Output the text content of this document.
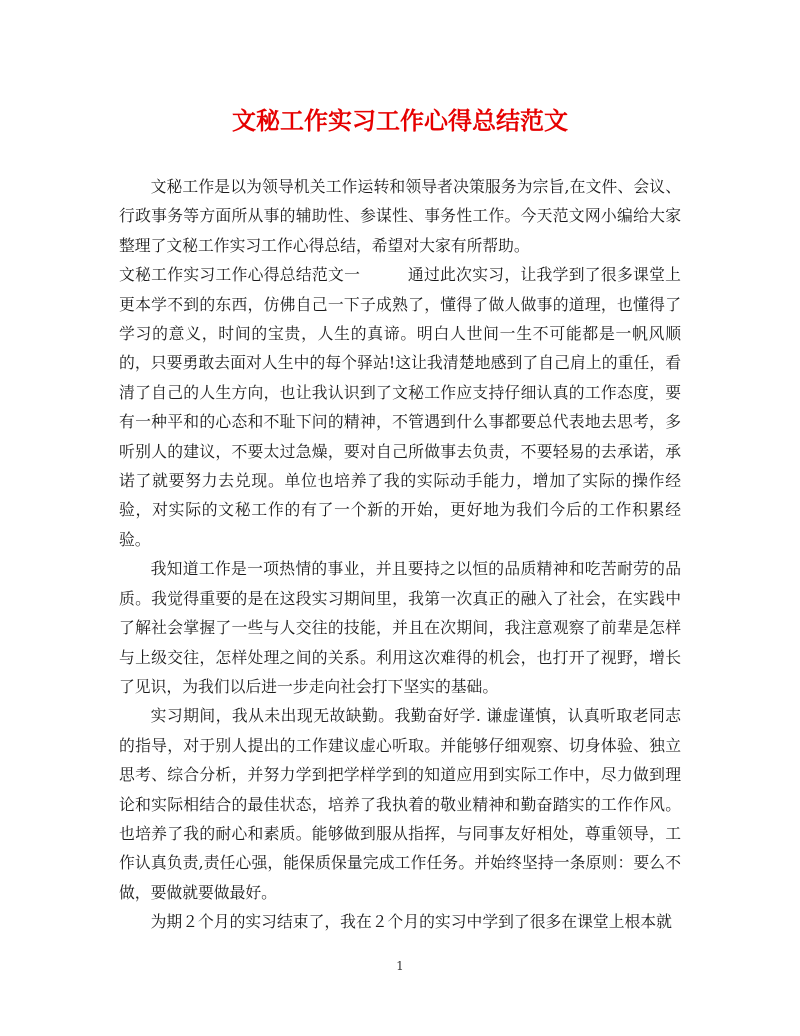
文秘工作实习工作心得总结范文

文秘工作是以为领导机关工作运转和领导者决策服务为宗旨,在文件、会议、行政事务等方面所从事的辅助性、参谋性、事务性工作。今天范文网小编给大家整理了文秘工作实习工作心得总结，希望对大家有所帮助。

文秘工作实习工作心得总结范文一	通过此次实习，让我学到了很多课堂上更本学不到的东西，仿佛自己一下子成熟了，懂得了做人做事的道理，也懂得了学习的意义，时间的宝贵，人生的真谛。明白人世间一生不可能都是一帆风顺的，只要勇敢去面对人生中的每个驿站!这让我清楚地感到了自己肩上的重任，看清了自己的人生方向，也让我认识到了文秘工作应支持仔细认真的工作态度，要有一种平和的心态和不耻下问的精神，不管遇到什么事都要总代表地去思考，多听别人的建议，不要太过急燥，要对自己所做事去负责，不要轻易的去承诺，承诺了就要努力去兑现。单位也培养了我的实际动手能力，增加了实际的操作经验，对实际的文秘工作的有了一个新的开始，更好地为我们今后的工作积累经验。

我知道工作是一项热情的事业，并且要持之以恒的品质精神和吃苦耐劳的品质。我觉得重要的是在这段实习期间里，我第一次真正的融入了社会，在实践中了解社会掌握了一些与人交往的技能，并且在次期间，我注意观察了前辈是怎样与上级交往，怎样处理之间的关系。利用这次难得的机会，也打开了视野，增长了见识，为我们以后进一步走向社会打下坚实的基础。

实习期间，我从未出现无故缺勤。我勤奋好学. 谦虚谨慎，认真听取老同志的指导，对于别人提出的工作建议虚心听取。并能够仔细观察、切身体验、独立思考、综合分析，并努力学到把学样学到的知道应用到实际工作中，尽力做到理论和实际相结合的最佳状态，培养了我执着的敬业精神和勤奋踏实的工作作风。也培养了我的耐心和素质。能够做到服从指挥，与同事友好相处，尊重领导，工作认真负责,责任心强，能保质保量完成工作任务。并始终坚持一条原则：要么不做，要做就要做最好。

为期２个月的实习结束了，我在２个月的实习中学到了很多在课堂上根本就

1
